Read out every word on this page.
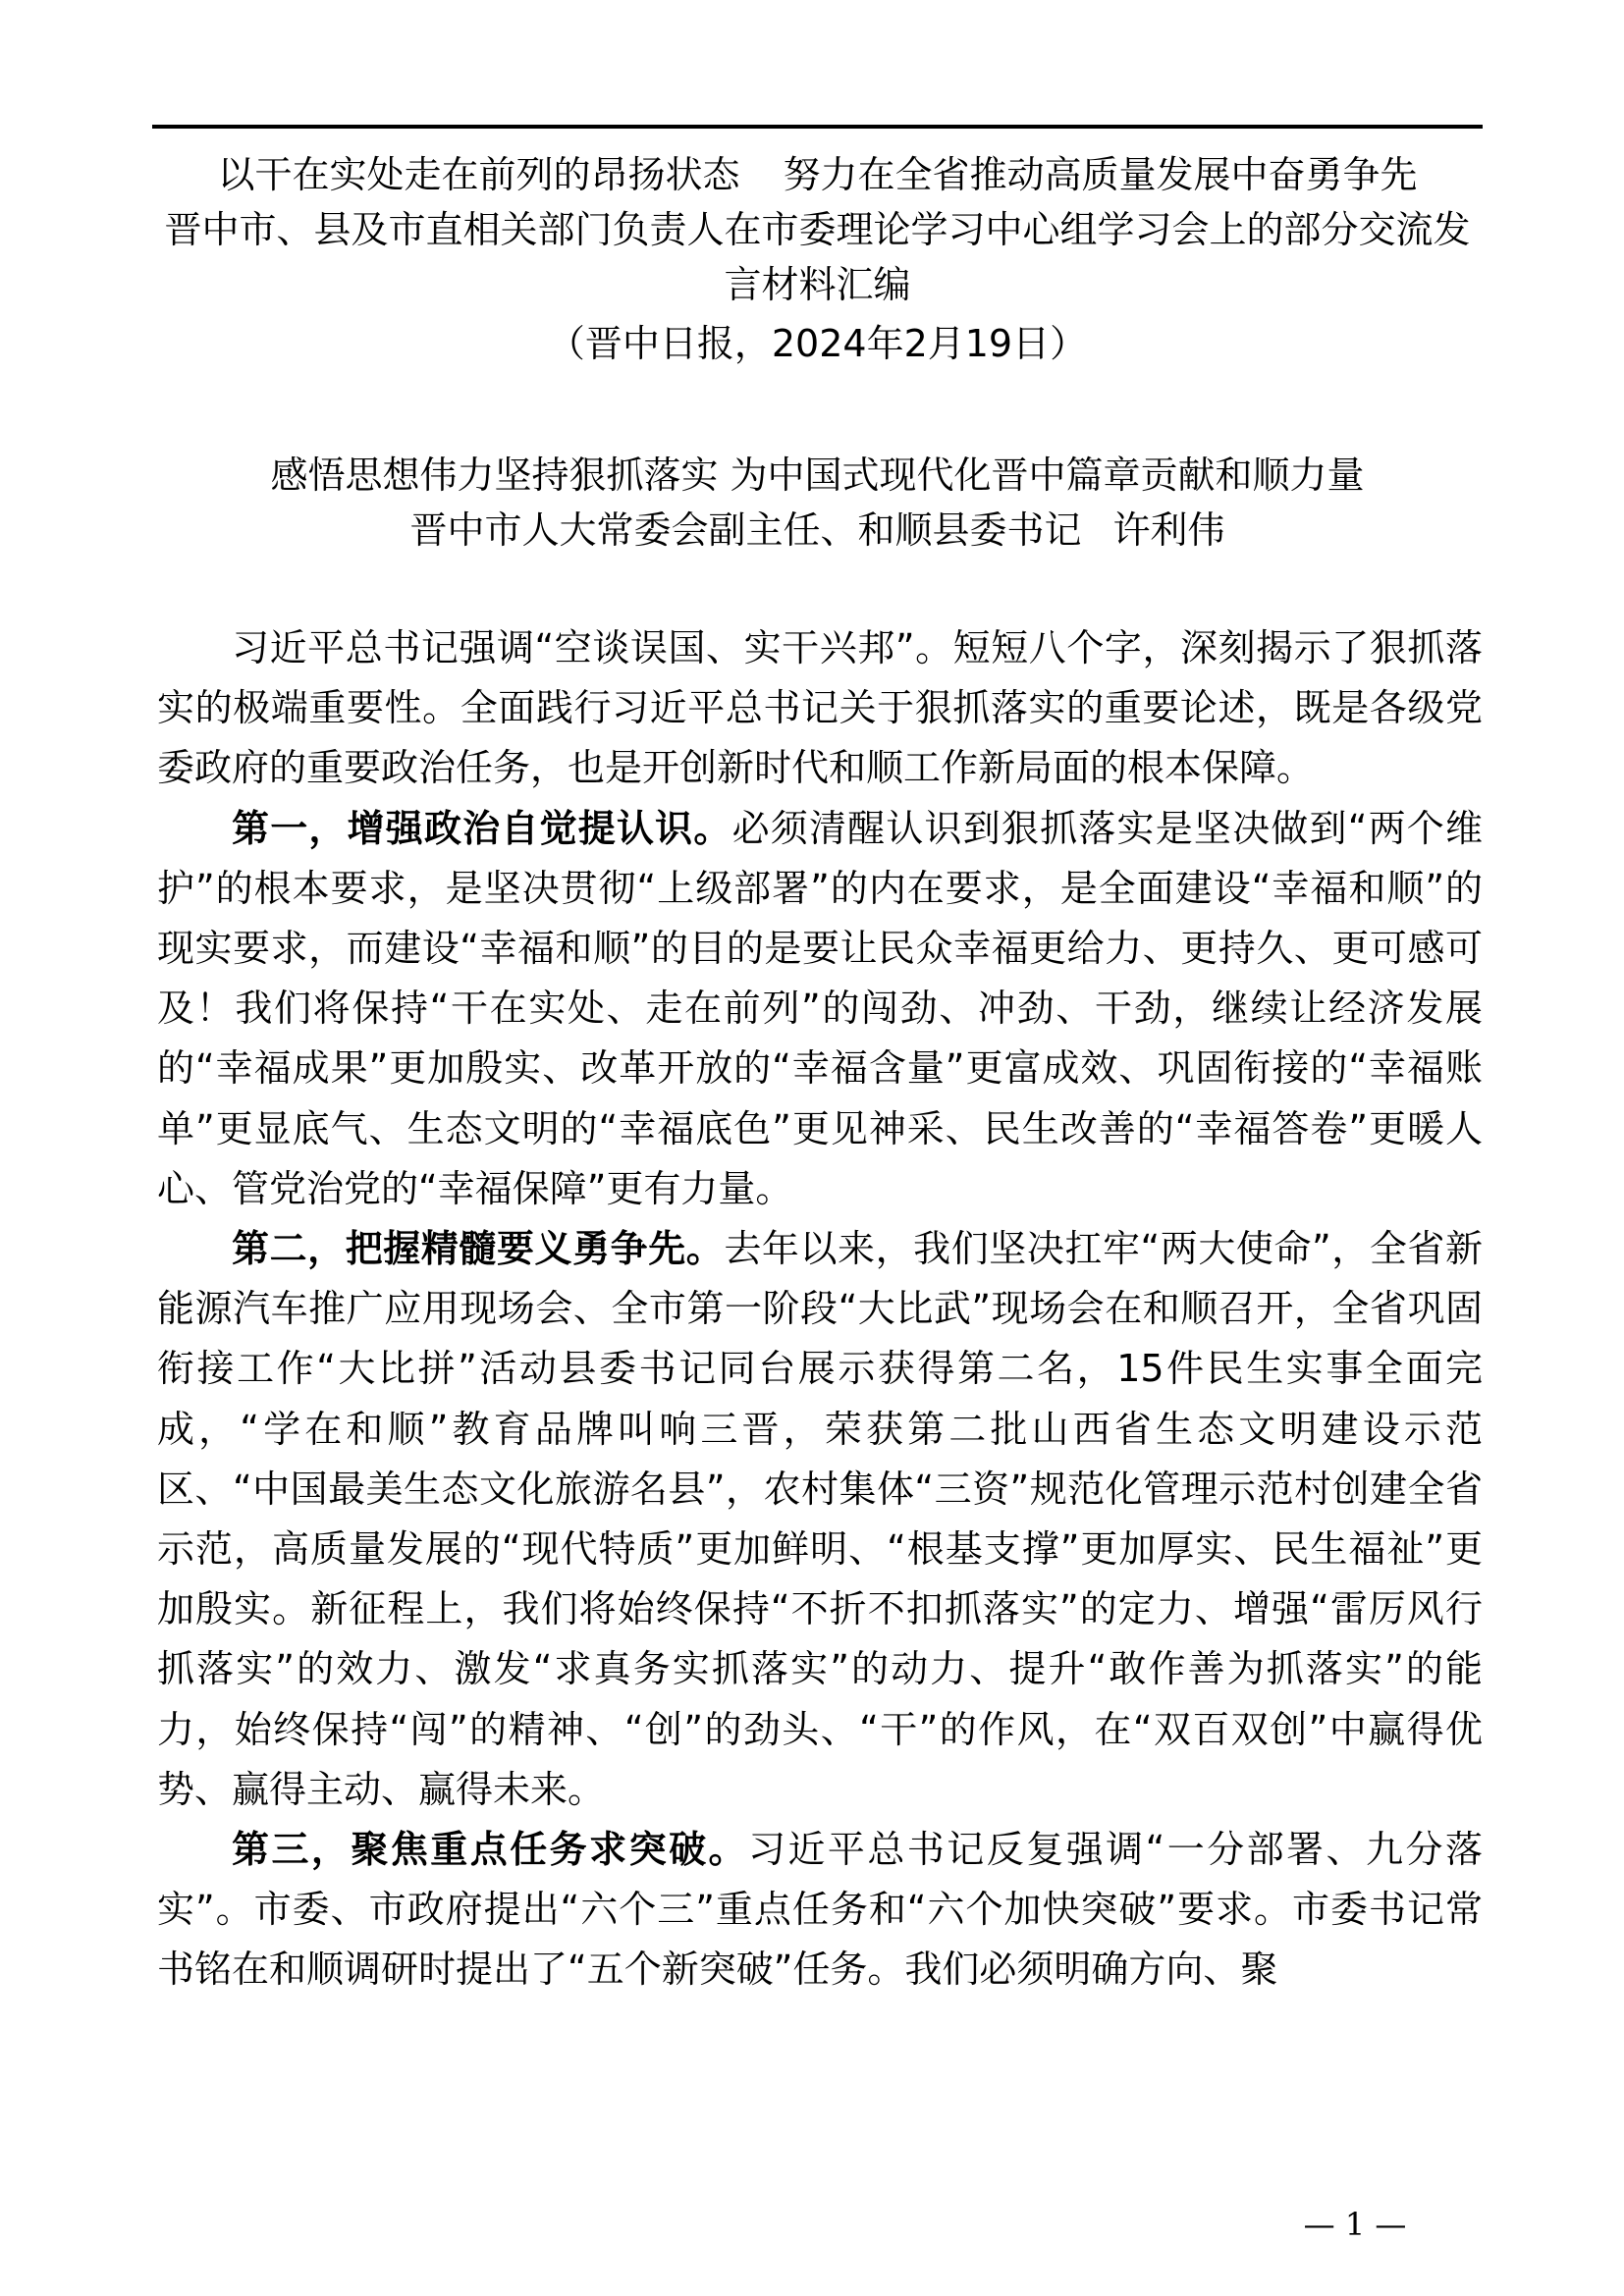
以干在实处走在前列的昂扬状态 努力在全省推动高质量发展中奋勇争先
晋中市、县及市直相关部门负责人在市委理论学习中心组学习会上的部分交流发言材料汇编
（晋中日报，2024年2月19日）
感悟思想伟力坚持狠抓落实 为中国式现代化晋中篇章贡献和顺力量
晋中市人大常委会副主任、和顺县委书记 许利伟

习近平总书记强调“空谈误国、实干兴邦”。短短八个字，深刻揭示了狠抓落实的极端重要性。全面践行习近平总书记关于狠抓落实的重要论述，既是各级党委政府的重要政治任务，也是开创新时代和顺工作新局面的根本保障。

第一，增强政治自觉提认识。必须清醒认识到狠抓落实是坚决做到“两个维护”的根本要求，是坚决贯彻“上级部署”的内在要求，是全面建设“幸福和顺”的现实要求，而建设“幸福和顺”的目的是要让民众幸福更给力、更持久、更可感可及！我们将保持“干在实处、走在前列”的闯劲、冲劲、干劲，继续让经济发展的“幸福成果”更加殷实、改革开放的“幸福含量”更富成效、巩固衔接的“幸福账单”更显底气、生态文明的“幸福底色”更见神采、民生改善的“幸福答卷”更暖人心、管党治党的“幸福保障”更有力量。

第二，把握精髓要义勇争先。去年以来，我们坚决扛牢“两大使命”，全省新能源汽车推广应用现场会、全市第一阶段“大比武”现场会在和顺召开，全省巩固衔接工作“大比拼”活动县委书记同台展示获得第二名，15件民生实事全面完成，“学在和顺”教育品牌叫响三晋，荣获第二批山西省生态文明建设示范区、“中国最美生态文化旅游名县”，农村集体“三资”规范化管理示范村创建全省示范，高质量发展的“现代特质”更加鲜明、“根基支撑”更加厚实、民生福祉”更加殷实。新征程上，我们将始终保持“不折不扣抓落实”的定力、增强“雷厉风行抓落实”的效力、激发“求真务实抓落实”的动力、提升“敢作善为抓落实”的能力，始终保持“闯”的精神、“创”的劲头、“干”的作风，在“双百双创”中赢得优势、赢得主动、赢得未来。

第三，聚焦重点任务求突破。习近平总书记反复强调“一分部署、九分落实”。市委、市政府提出“六个三”重点任务和“六个加快突破”要求。市委书记常书铭在和顺调研时提出了“五个新突破”任务。我们必须明确方向、聚

— 1 —
